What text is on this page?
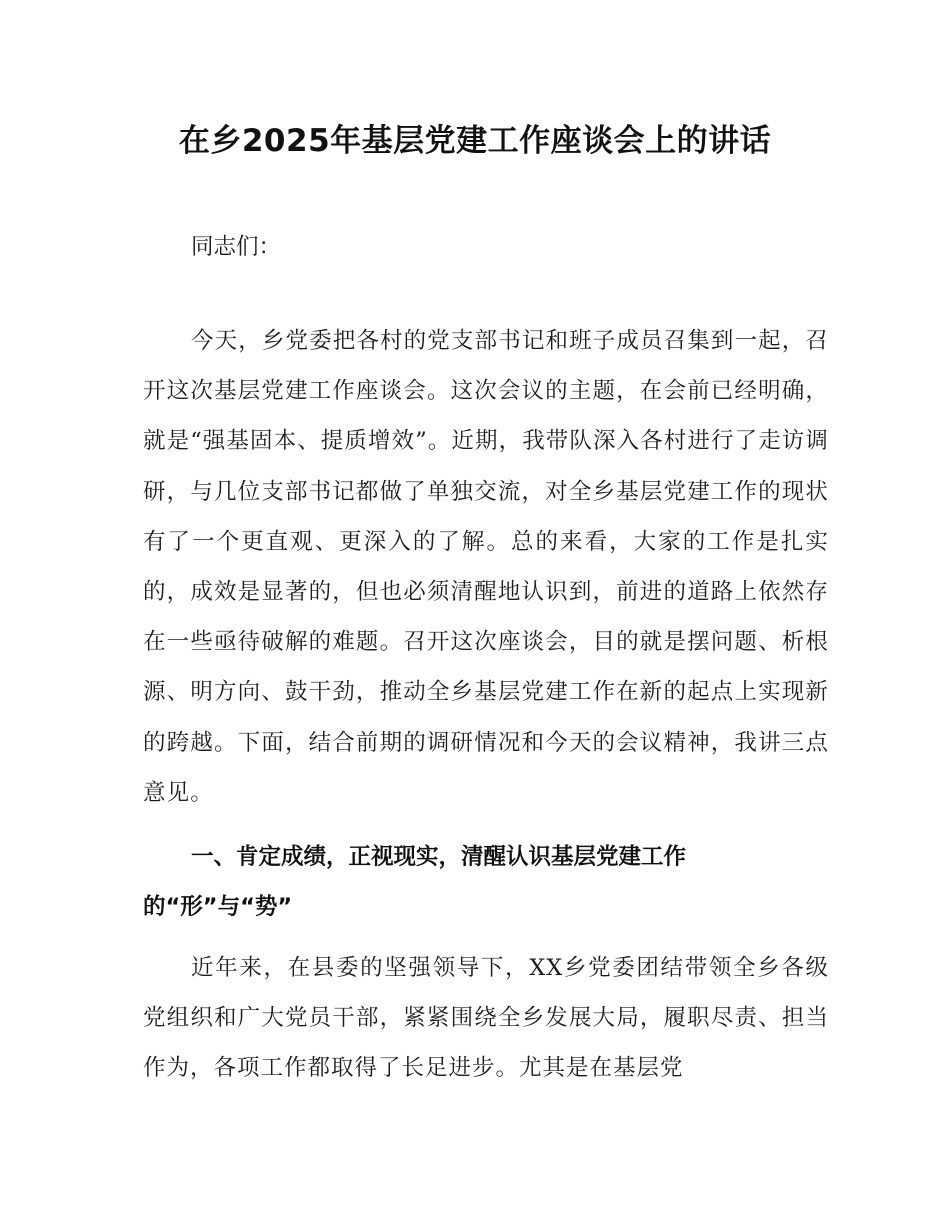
在乡2025年基层党建工作座谈会上的讲话

同志们：

今天，乡党委把各村的党支部书记和班子成员召集到一起，召开这次基层党建工作座谈会。这次会议的主题，在会前已经明确，就是“强基固本、提质增效”。近期，我带队深入各村进行了走访调研，与几位支部书记都做了单独交流，对全乡基层党建工作的现状有了一个更直观、更深入的了解。总的来看，大家的工作是扎实的，成效是显著的，但也必须清醒地认识到，前进的道路上依然存在一些亟待破解的难题。召开这次座谈会，目的就是摆问题、析根源、明方向、鼓干劲，推动全乡基层党建工作在新的起点上实现新的跨越。下面，结合前期的调研情况和今天的会议精神，我讲三点意见。

一、肯定成绩，正视现实，清醒认识基层党建工作的“形”与“势”

近年来，在县委的坚强领导下，XX乡党委团结带领全乡各级党组织和广大党员干部，紧紧围绕全乡发展大局，履职尽责、担当作为，各项工作都取得了长足进步。尤其是在基层党
